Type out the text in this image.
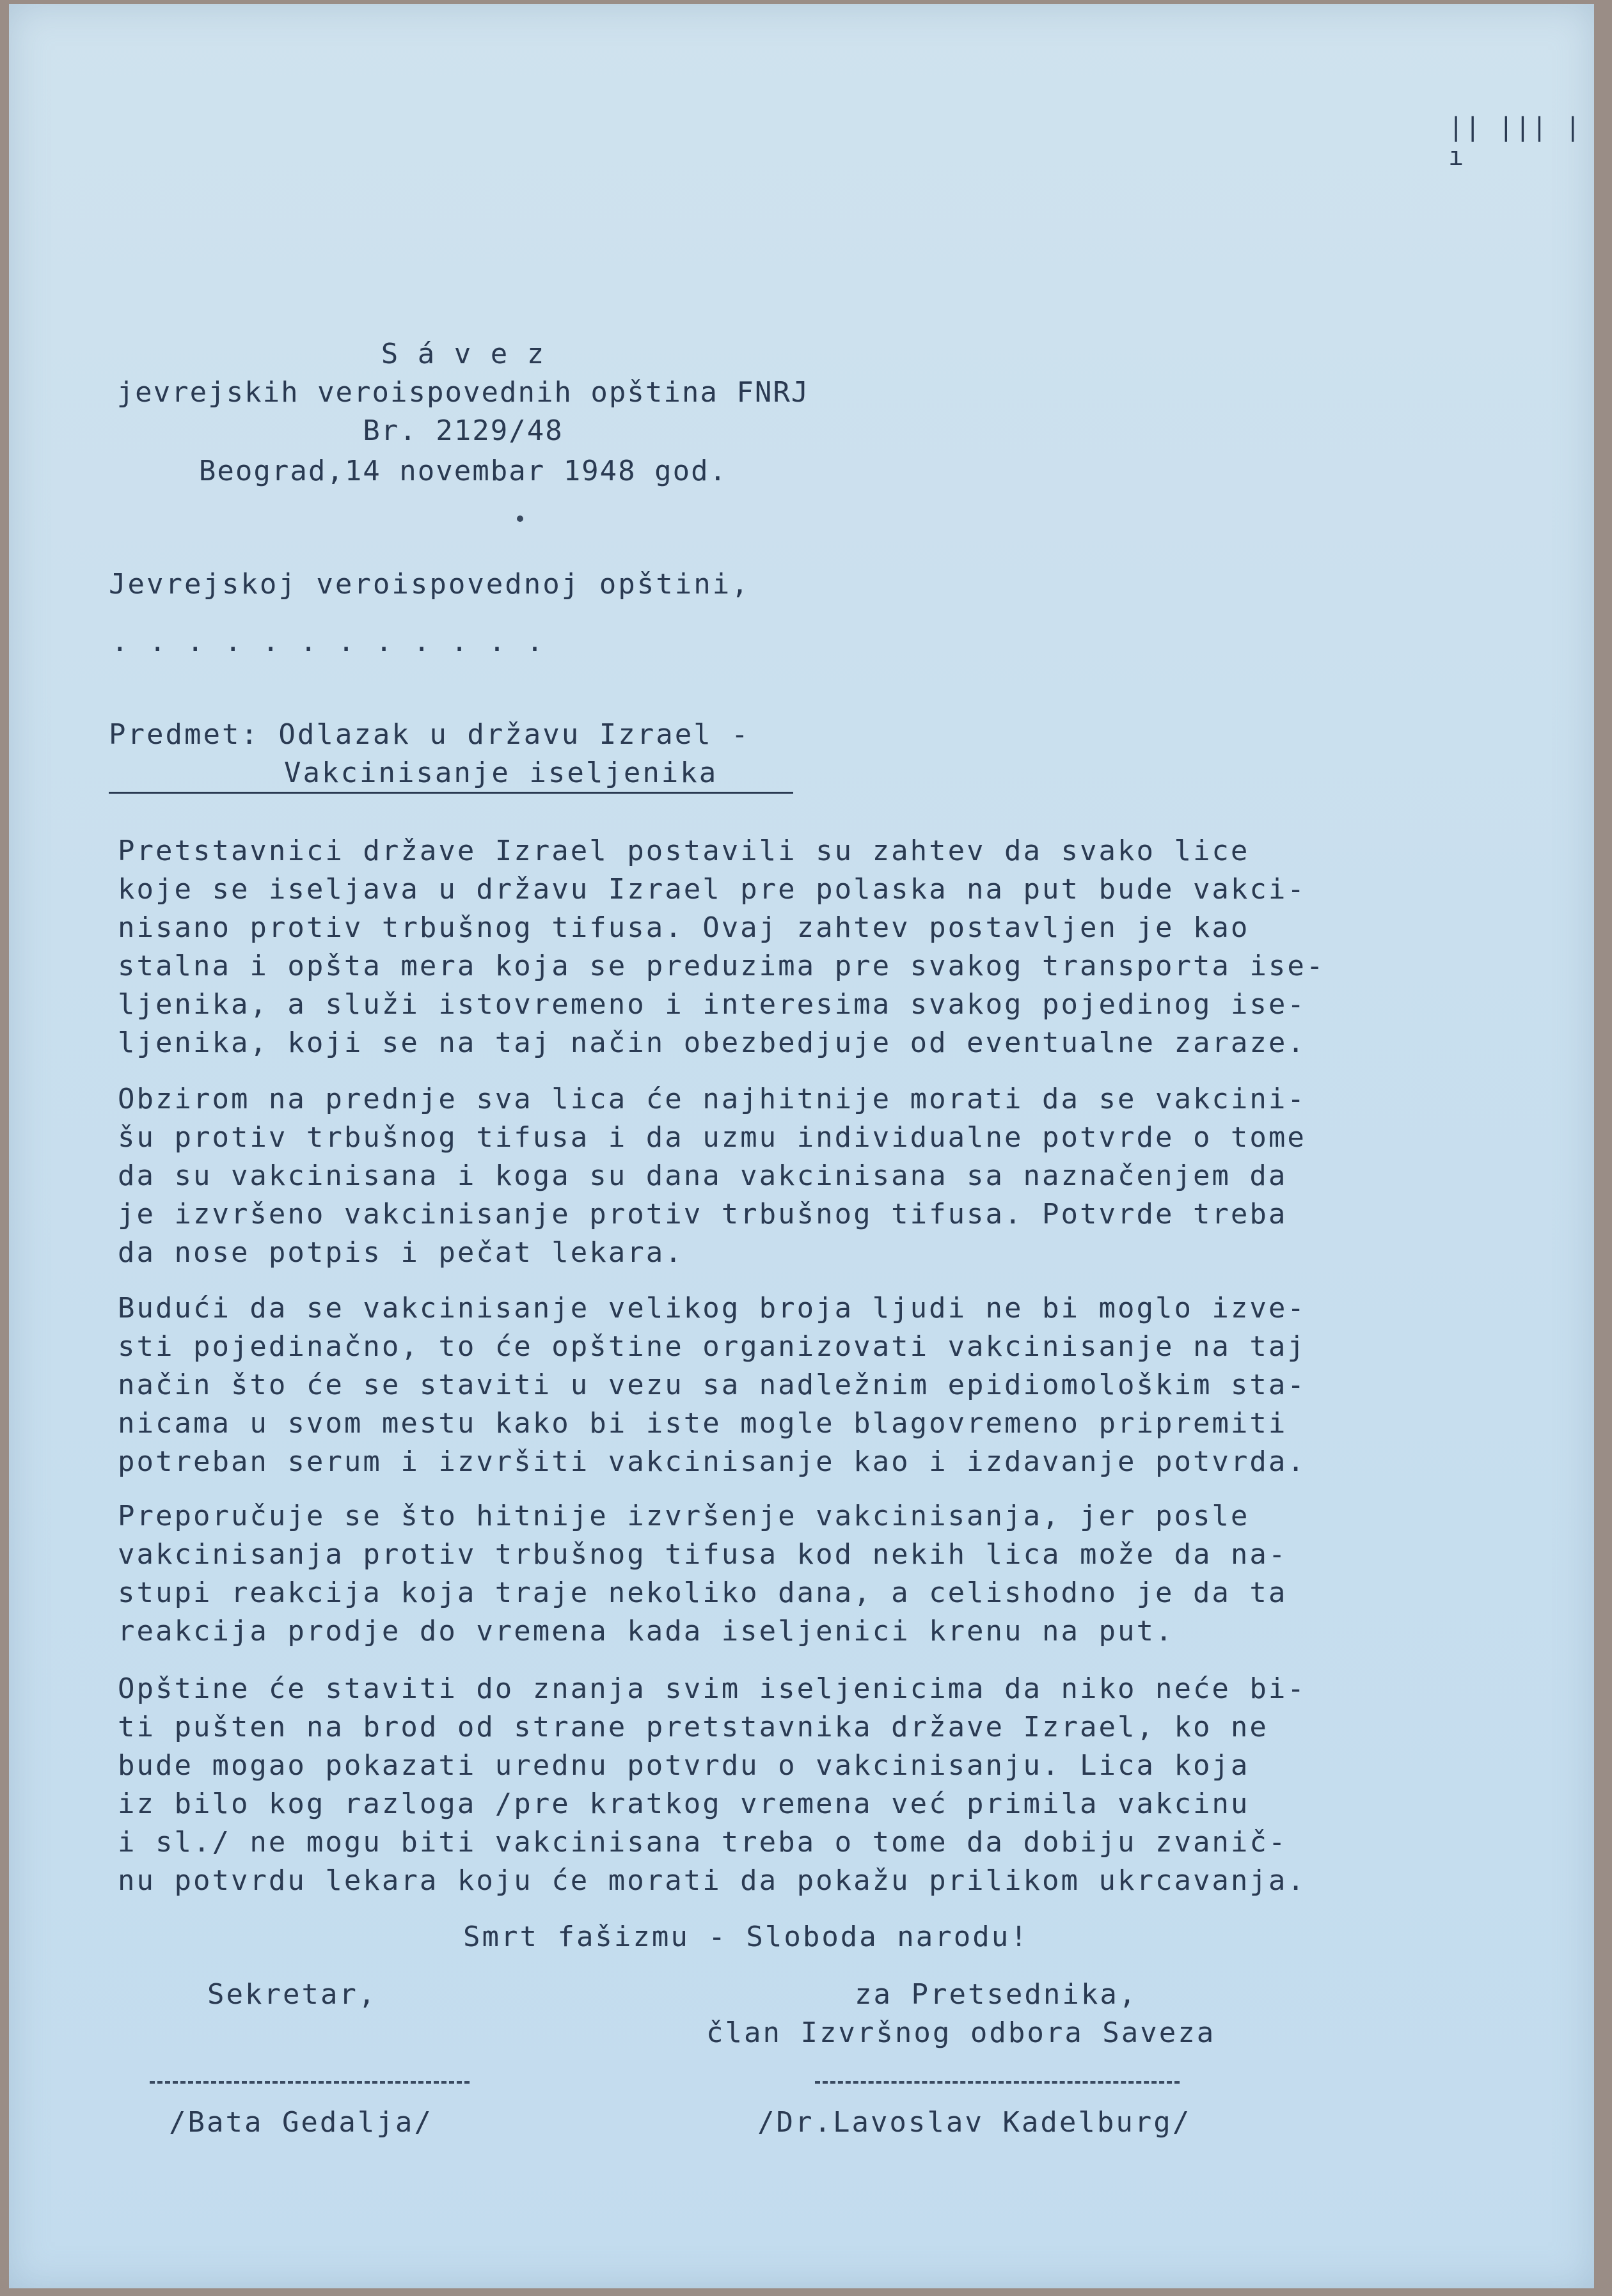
|| ||| |ı
S á v e z
jevrejskih veroispovednih opština FNRJ
Br. 2129/48
Beograd,14 novembar 1948 god.
Jevrejskoj veroispovednoj opštini,
. . . . . . . . . . . .
Predmet: Odlazak u državu Izrael -
Vakcinisanje iseljenika
Pretstavnici države Izrael postavili su zahtev da svako lice
koje se iseljava u državu Izrael pre polaska na put bude vakci-
nisano protiv trbušnog tifusa. Ovaj zahtev postavljen je kao
stalna i opšta mera koja se preduzima pre svakog transporta ise-
ljenika, a služi istovremeno i interesima svakog pojedinog ise-
ljenika, koji se na taj način obezbedjuje od eventualne zaraze.
Obzirom na prednje sva lica će najhitnije morati da se vakcini-
šu protiv trbušnog tifusa i da uzmu individualne potvrde o tome
da su vakcinisana i koga su dana vakcinisana sa naznačenjem da
je izvršeno vakcinisanje protiv trbušnog tifusa. Potvrde treba
da nose potpis i pečat lekara.
Budući da se vakcinisanje velikog broja ljudi ne bi moglo izve-
sti pojedinačno, to će opštine organizovati vakcinisanje na taj
način što će se staviti u vezu sa nadležnim epidiomološkim sta-
nicama u svom mestu kako bi iste mogle blagovremeno pripremiti
potreban serum i izvršiti vakcinisanje kao i izdavanje potvrda.
Preporučuje se što hitnije izvršenje vakcinisanja, jer posle
vakcinisanja protiv trbušnog tifusa kod nekih lica može da na-
stupi reakcija koja traje nekoliko dana, a celishodno je da ta
reakcija prodje do vremena kada iseljenici krenu na put.
Opštine će staviti do znanja svim iseljenicima da niko neće bi-
ti pušten na brod od strane pretstavnika države Izrael, ko ne
bude mogao pokazati urednu potvrdu o vakcinisanju. Lica koja
iz bilo kog razloga /pre kratkog vremena već primila vakcinu
i sl./ ne mogu biti vakcinisana treba o tome da dobiju zvanič-
nu potvrdu lekara koju će morati da pokažu prilikom ukrcavanja.
Smrt fašizmu - Sloboda narodu!
Sekretar,	za Pretsednika,
član Izvršnog odbora Saveza
/Bata Gedalja/	/Dr.Lavoslav Kadelburg/
